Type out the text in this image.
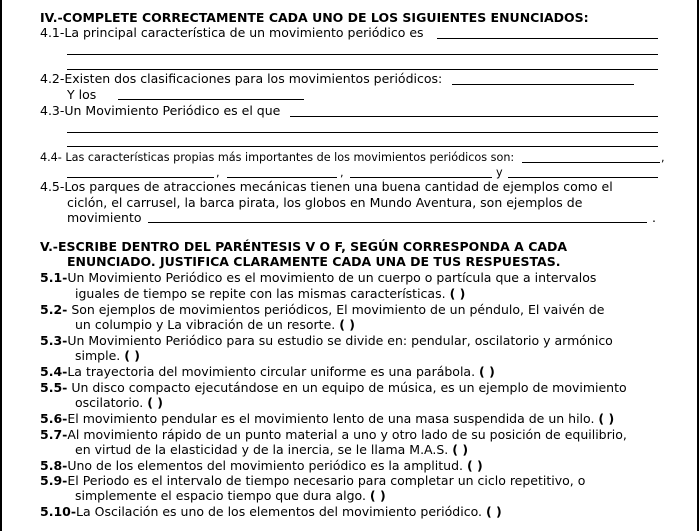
IV.-COMPLETE CORRECTAMENTE CADA UNO DE LOS SIGUIENTES ENUNCIADOS:
4.1-La principal característica de un movimiento periódico es
4.2-Existen dos clasificaciones para los movimientos periódicos:
Y los
4.3-Un Movimiento Periódico es el que
4.4- Las características propias más importantes de los movimientos periódicos son:	,
,	,	y
4.5-Los parques de atracciones mecánicas tienen una buena cantidad de ejemplos como el
ciclón, el carrusel, la barca pirata, los globos en Mundo Aventura, son ejemplos de
movimiento	.
V.-ESCRIBE DENTRO DEL PARÉNTESIS V O F, SEGÚN CORRESPONDA A CADA
ENUNCIADO. JUSTIFICA CLARAMENTE CADA UNA DE TUS RESPUESTAS.
5.1-Un Movimiento Periódico es el movimiento de un cuerpo o partícula que a intervalos
iguales de tiempo se repite con las mismas características. ( )
5.2- Son ejemplos de movimientos periódicos, El movimiento de un péndulo, El vaivén de
un columpio y La vibración de un resorte. ( )
5.3-Un Movimiento Periódico para su estudio se divide en: pendular, oscilatorio y armónico
simple. ( )
5.4-La trayectoria del movimiento circular uniforme es una parábola. ( )
5.5- Un disco compacto ejecutándose en un equipo de música, es un ejemplo de movimiento
oscilatorio. ( )
5.6-El movimiento pendular es el movimiento lento de una masa suspendida de un hilo. ( )
5.7-Al movimiento rápido de un punto material a uno y otro lado de su posición de equilibrio,
en virtud de la elasticidad y de la inercia, se le llama M.A.S. ( )
5.8-Uno de los elementos del movimiento periódico es la amplitud. ( )
5.9-El Periodo es el intervalo de tiempo necesario para completar un ciclo repetitivo, o
simplemente el espacio tiempo que dura algo. ( )
5.10-La Oscilación es uno de los elementos del movimiento periódico. ( )
